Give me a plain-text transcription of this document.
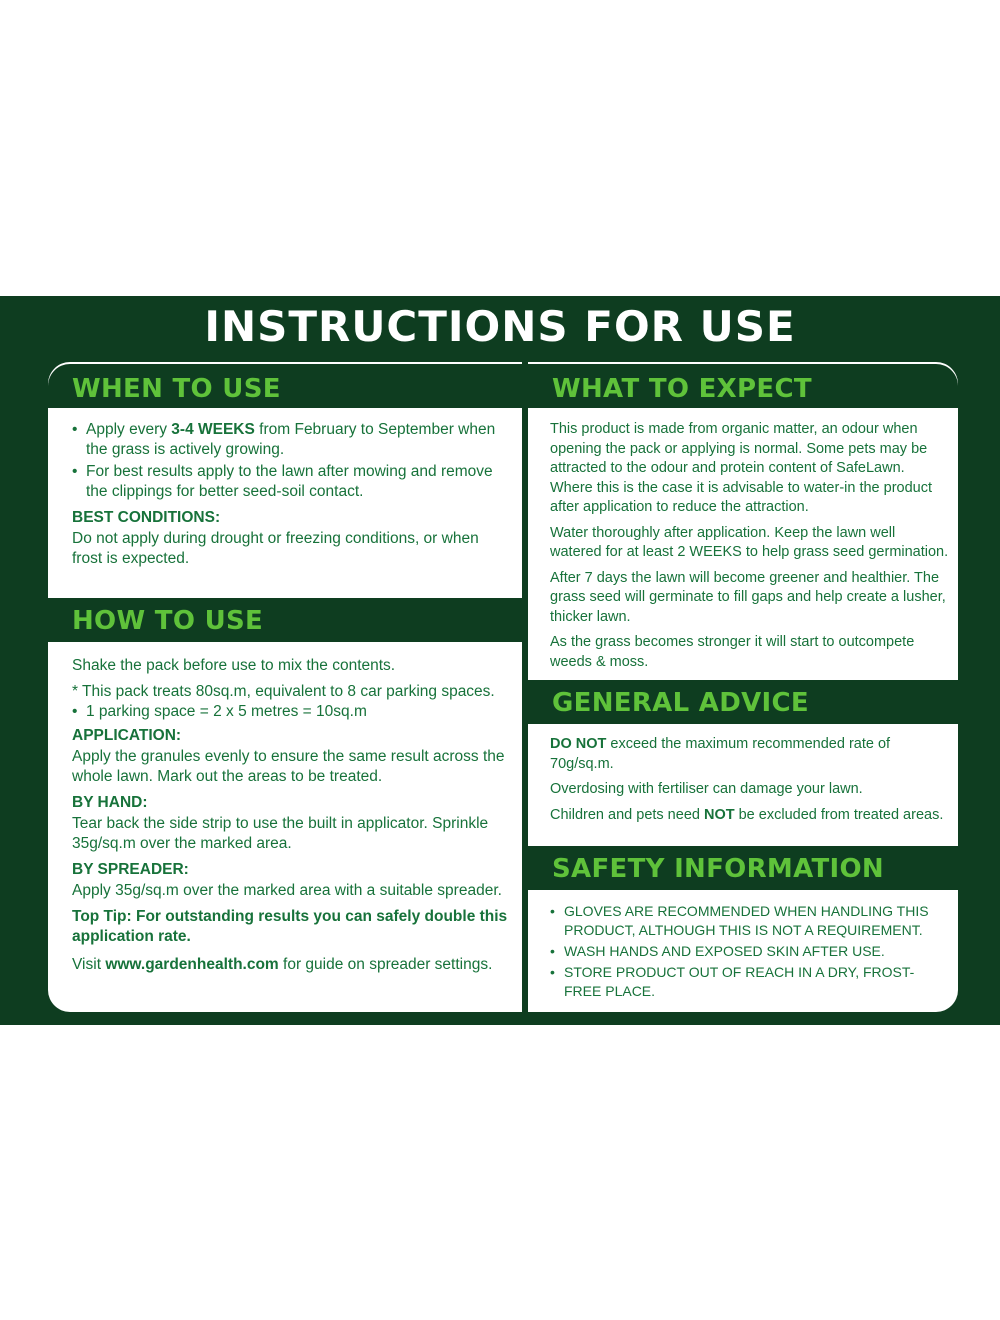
INSTRUCTIONS FOR USE
WHEN TO USE
• Apply every 3-4 WEEKS from February to September when the grass is actively growing.
• For best results apply to the lawn after mowing and remove the clippings for better seed-soil contact.
BEST CONDITIONS:

Do not apply during drought or freezing conditions, or when frost is expected.

HOW TO USE

Shake the pack before use to mix the contents.

* This pack treats 80sq.m, equivalent to 8 car parking spaces.

• 1 parking space = 2 x 5 metres = 10sq.m
APPLICATION:

Apply the granules evenly to ensure the same result across the whole lawn. Mark out the areas to be treated.

BY HAND:

Tear back the side strip to use the built in applicator. Sprinkle 35g/sq.m over the marked area.

BY SPREADER:

Apply 35g/sq.m over the marked area with a suitable spreader.

Top Tip: For outstanding results you can safely double this application rate.

Visit www.gardenhealth.com for guide on spreader settings.

WHAT TO EXPECT

This product is made from organic matter, an odour when opening the pack or applying is normal. Some pets may be attracted to the odour and protein content of SafeLawn. Where this is the case it is advisable to water-in the product after application to reduce the attraction.

Water thoroughly after application. Keep the lawn well watered for at least 2 WEEKS to help grass seed germination.

After 7 days the lawn will become greener and healthier. The grass seed will germinate to fill gaps and help create a lusher, thicker lawn.

As the grass becomes stronger it will start to outcompete weeds & moss.

GENERAL ADVICE

DO NOT exceed the maximum recommended rate of 70g/sq.m.

Overdosing with fertiliser can damage your lawn.

Children and pets need NOT be excluded from treated areas.

SAFETY INFORMATION
• GLOVES ARE RECOMMENDED WHEN HANDLING THIS PRODUCT, ALTHOUGH THIS IS NOT A REQUIREMENT.
• WASH HANDS AND EXPOSED SKIN AFTER USE.
• STORE PRODUCT OUT OF REACH IN A DRY, FROST-FREE PLACE.
